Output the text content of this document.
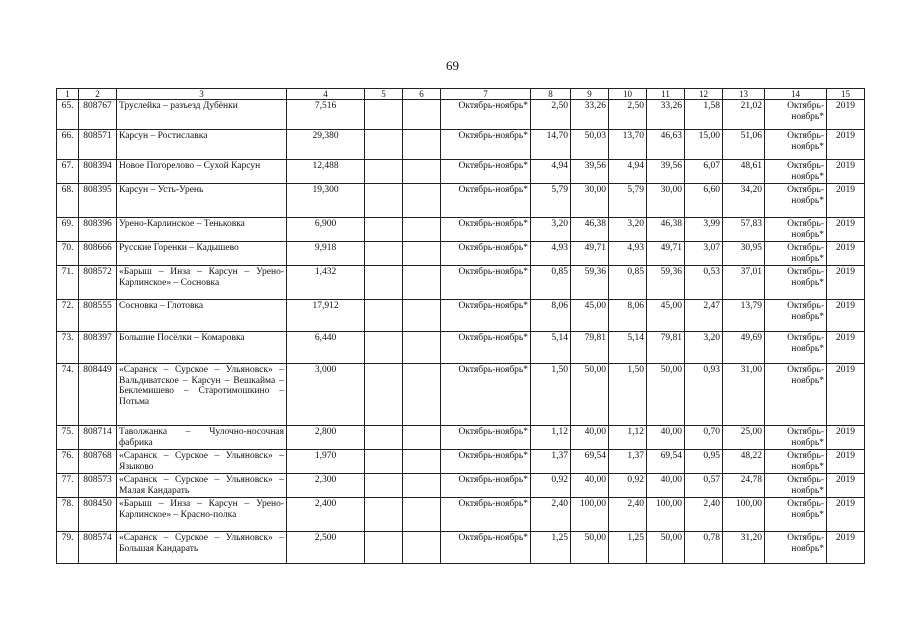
69
1	2	3	4	5	6	7	8	9	10	11	12	13	14	15
65.	808767	Труслейка – разъезд Дубёнки	7,516			Октябрь-ноябрь*	2,50	33,26	2,50	33,26	1,58	21,02	Октябрь-ноябрь*	2019
66.	808571	Карсун – Ростиславка	29,380			Октябрь-ноябрь*	14,70	50,03	13,70	46,63	15,00	51,06	Октябрь-ноябрь*	2019
67.	808394	Новое Погорелово – Сухой Карсун	12,488			Октябрь-ноябрь*	4,94	39,56	4,94	39,56	6,07	48,61	Октябрь-ноябрь*	2019
68.	808395	Карсун – Усть-Урень	19,300			Октябрь-ноябрь*	5,79	30,00	5,79	30,00	6,60	34,20	Октябрь-ноябрь*	2019
69.	808396	Урено-Карлинское – Теньковка	6,900			Октябрь-ноябрь*	3,20	46,38	3,20	46,38	3,99	57,83	Октябрь-ноябрь*	2019
70.	808666	Русские Горенки – Кадышево	9,918			Октябрь-ноябрь*	4,93	49,71	4,93	49,71	3,07	30,95	Октябрь-ноябрь*	2019
71.	808572	«Барыш – Инза – Карсун – Урено-Карлинское» – Сосновка	1,432			Октябрь-ноябрь*	0,85	59,36	0,85	59,36	0,53	37,01	Октябрь-ноябрь*	2019
72.	808555	Сосновка – Глотовка	17,912			Октябрь-ноябрь*	8,06	45,00	8,06	45,00	2,47	13,79	Октябрь-ноябрь*	2019
73.	808397	Большие Посёлки – Комаровка	6,440			Октябрь-ноябрь*	5,14	79,81	5,14	79,81	3,20	49,69	Октябрь-ноябрь*	2019
74.	808449	«Саранск – Сурское – Ульяновск» – Вальдиватское – Карсун – Вешкайма – Беклемишево – Старотимошкино – Потьма	3,000			Октябрь-ноябрь*	1,50	50,00	1,50	50,00	0,93	31,00	Октябрь-ноябрь*	2019
75.	808714	Таволжанка – Чулочно-носочная фабрика	2,800			Октябрь-ноябрь*	1,12	40,00	1,12	40,00	0,70	25,00	Октябрь-ноябрь*	2019
76.	808768	«Саранск – Сурское – Ульяновск» – Языково	1,970			Октябрь-ноябрь*	1,37	69,54	1,37	69,54	0,95	48,22	Октябрь-ноябрь*	2019
77.	808573	«Саранск – Сурское – Ульяновск» – Малая Кандарать	2,300			Октябрь-ноябрь*	0,92	40,00	0,92	40,00	0,57	24,78	Октябрь-ноябрь*	2019
78.	808450	«Барыш – Инза – Карсун – Урено-Карлинское» – Красно-полка	2,400			Октябрь-ноябрь*	2,40	100,00	2,40	100,00	2,40	100,00	Октябрь-ноябрь*	2019
79.	808574	«Саранск – Сурское – Ульяновск» – Большая Кандарать	2,500			Октябрь-ноябрь*	1,25	50,00	1,25	50,00	0,78	31,20	Октябрь-ноябрь*	2019
